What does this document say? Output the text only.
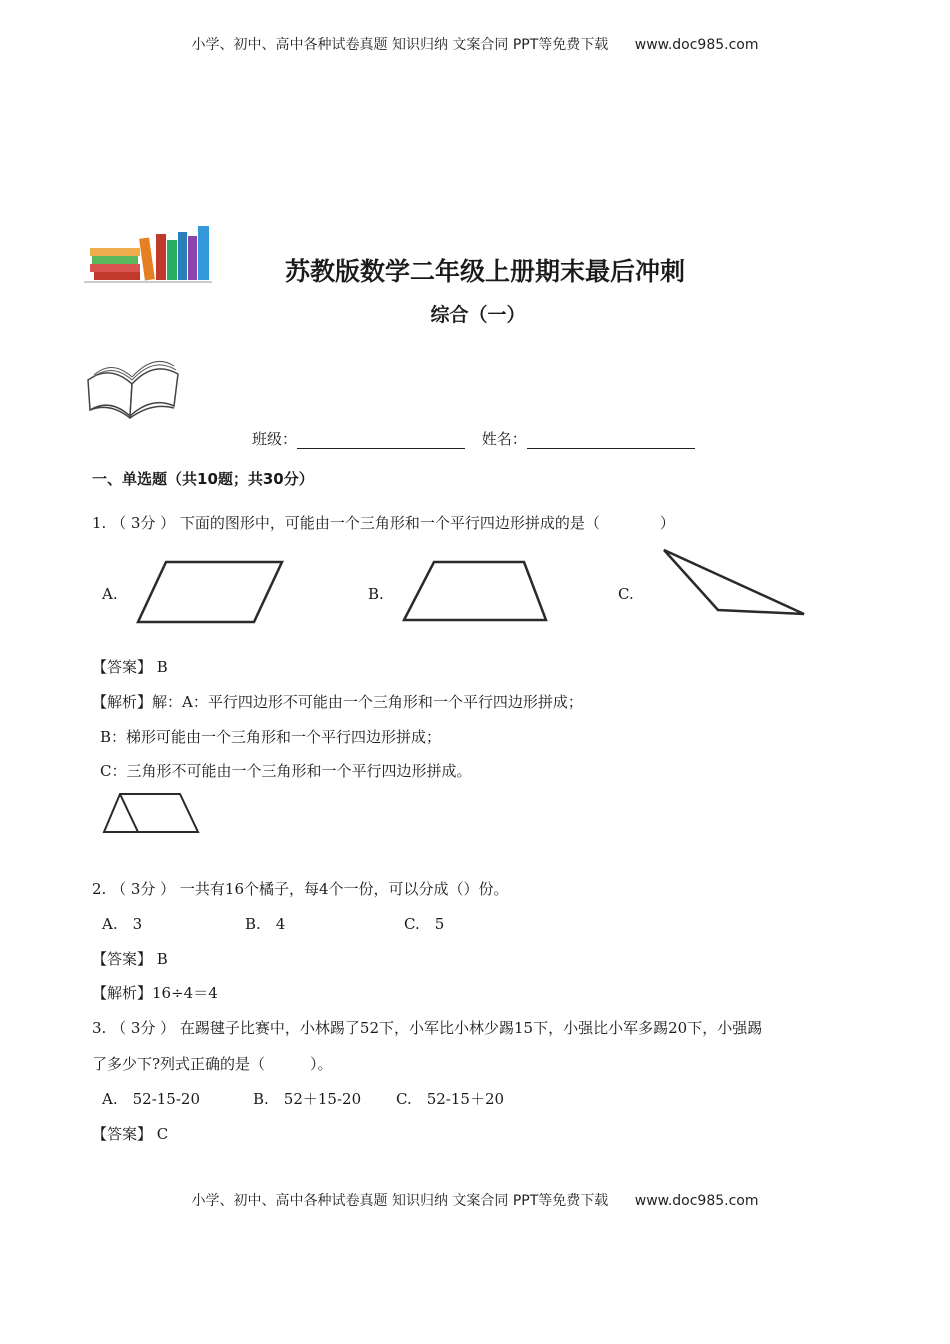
小学、初中、高中各种试卷真题 知识归纳 文案合同 PPT等免费下载 www.doc985.com
苏教版数学二年级上册期末最后冲刺
综合（一）
班级：	姓名：
一、单选题（共10题；共30分）
1. （ 3分 ） 下面的图形中，可能由一个三角形和一个平行四边形拼成的是（　　　　）
A.	B.	C.
【答案】 B
【解析】解：A：平行四边形不可能由一个三角形和一个平行四边形拼成；
B：梯形可能由一个三角形和一个平行四边形拼成；
C：三角形不可能由一个三角形和一个平行四边形拼成。
2. （ 3分 ） 一共有16个橘子，每4个一份，可以分成（）份。
A.　3	B.　4	C.　5
【答案】 B
【解析】16÷4＝4
3. （ 3分 ） 在踢毽子比赛中，小林踢了52下，小军比小林少踢15下，小强比小军多踢20下，小强踢
了多少下?列式正确的是（　　　）。
A.　52-15-20	B.　52＋15-20 C.　52-15＋20
【答案】 C
小学、初中、高中各种试卷真题 知识归纳 文案合同 PPT等免费下载 www.doc985.com
